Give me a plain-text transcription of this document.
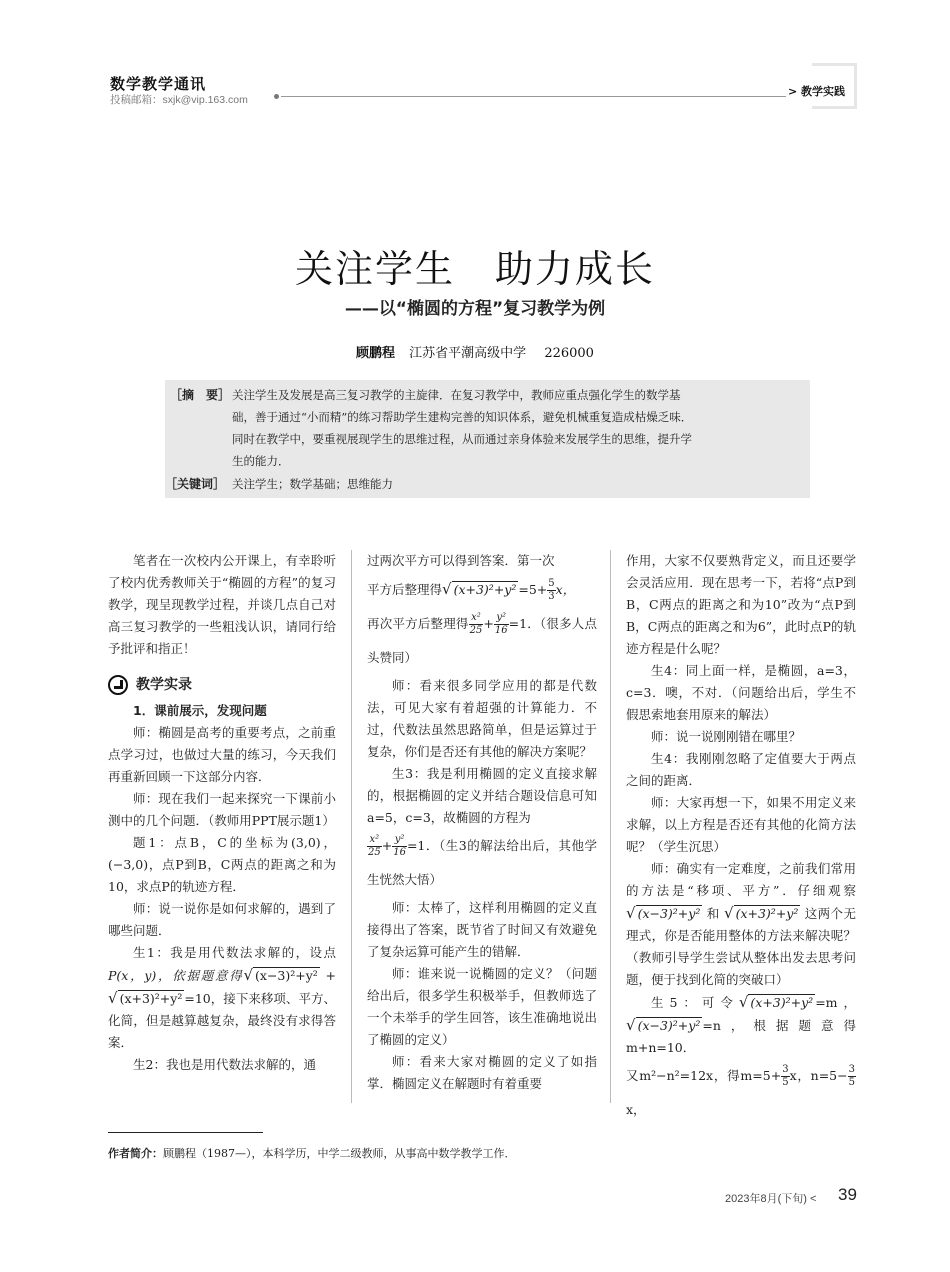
数学教学通讯
投稿邮箱：sxjk@vip.163.com
> 教学实践
关注学生　助力成长
——以“椭圆的方程”复习教学为例
顾鹏程 江苏省平潮高级中学 226000
［摘　要］ 关注学生及发展是高三复习教学的主旋律．在复习教学中，教师应重点强化学生的数学基
础，善于通过“小而精”的练习帮助学生建构完善的知识体系，避免机械重复造成枯燥乏味．
同时在教学中，要重视展现学生的思维过程，从而通过亲身体验来发展学生的思维，提升学
生的能力．
［关键词］ 关注学生；数学基础；思维能力

笔者在一次校内公开课上，有幸聆听了校内优秀教师关于“椭圆的方程”的复习教学，现呈现教学过程，并谈几点自己对高三复习教学的一些粗浅认识，请同行给予批评和指正！

教学实录
1．课前展示，发现问题

师：椭圆是高考的重要考点，之前重点学习过，也做过大量的练习，今天我们再重新回顾一下这部分内容．

师：现在我们一起来探究一下课前小测中的几个问题．（教师用PPT展示题1）

题1：点B，C的坐标为(3,0)，(−3,0)，点P到B，C两点的距离之和为10，求点P的轨迹方程．

师：说一说你是如何求解的，遇到了哪些问题．

生1：我是用代数法求解的，设点P(x，y)，依据题意得√ (x−3)²+y² + √ (x+3)²+y² =10，接下来移项、平方、化简，但是越算越复杂，最终没有求得答案．

生2：我也是用代数法求解的，通

过两次平方可以得到答案．第一次

平方后整理得√ $(x+3)^2+y^2 =5+ \frac{5}{3}$ x，

再次平方后整理得 $\frac{\text{x²}}{25} + \frac{\text{y²}}{16} =1$．（很多人点头赞同）

师：看来很多同学应用的都是代数法，可见大家有着超强的计算能力．不过，代数法虽然思路简单，但是运算过于复杂，你们是否还有其他的解决方案呢？

生3：我是利用椭圆的定义直接求解的，根据椭圆的定义并结合题设信息可知a=5，c=3，故椭圆的方程为

$\frac{\text{x²}}{25} + \frac{\text{y²}}{16} =1$．（生3的解法给出后，其他学生恍然大悟）

师：太棒了，这样利用椭圆的定义直接得出了答案，既节省了时间又有效避免了复杂运算可能产生的错解．

师：谁来说一说椭圆的定义？（问题给出后，很多学生积极举手，但教师选了一个未举手的学生回答，该生准确地说出了椭圆的定义）

师：看来大家对椭圆的定义了如指掌．椭圆定义在解题时有着重要

作用，大家不仅要熟背定义，而且还要学会灵活应用．现在思考一下，若将“点P到B，C两点的距离之和为10”改为“点P到B，C两点的距离之和为6”，此时点P的轨迹方程是什么呢？

生4：同上面一样，是椭圆，a=3，c=3．噢，不对．（问题给出后，学生不假思索地套用原来的解法）

师：说一说刚刚错在哪里？

生4：我刚刚忽略了定值要大于两点之间的距离．

师：大家再想一下，如果不用定义来求解，以上方程是否还有其他的化简方法呢？（学生沉思）

师：确实有一定难度，之前我们常用的方法是“移项、平方”．仔细观察√ (x−3)²+y² 和 √ (x+3)²+y² 这两个无理式，你是否能用整体的方法来解决呢？（教师引导学生尝试从整体出发去思考问题，便于找到化简的突破口）

生5：可令√ (x+3)²+y² =m，√ (x−3)²+y² =n，根据题意得m+n=10．

又m²−n²=12x，得$m=5+ \frac{3}{5}$ x，$n=5- \frac{3}{5}$
x，

作者简介：顾鹏程（1987—），本科学历，中学二级教师，从事高中数学教学工作．
2023年8月(下旬) < 39
